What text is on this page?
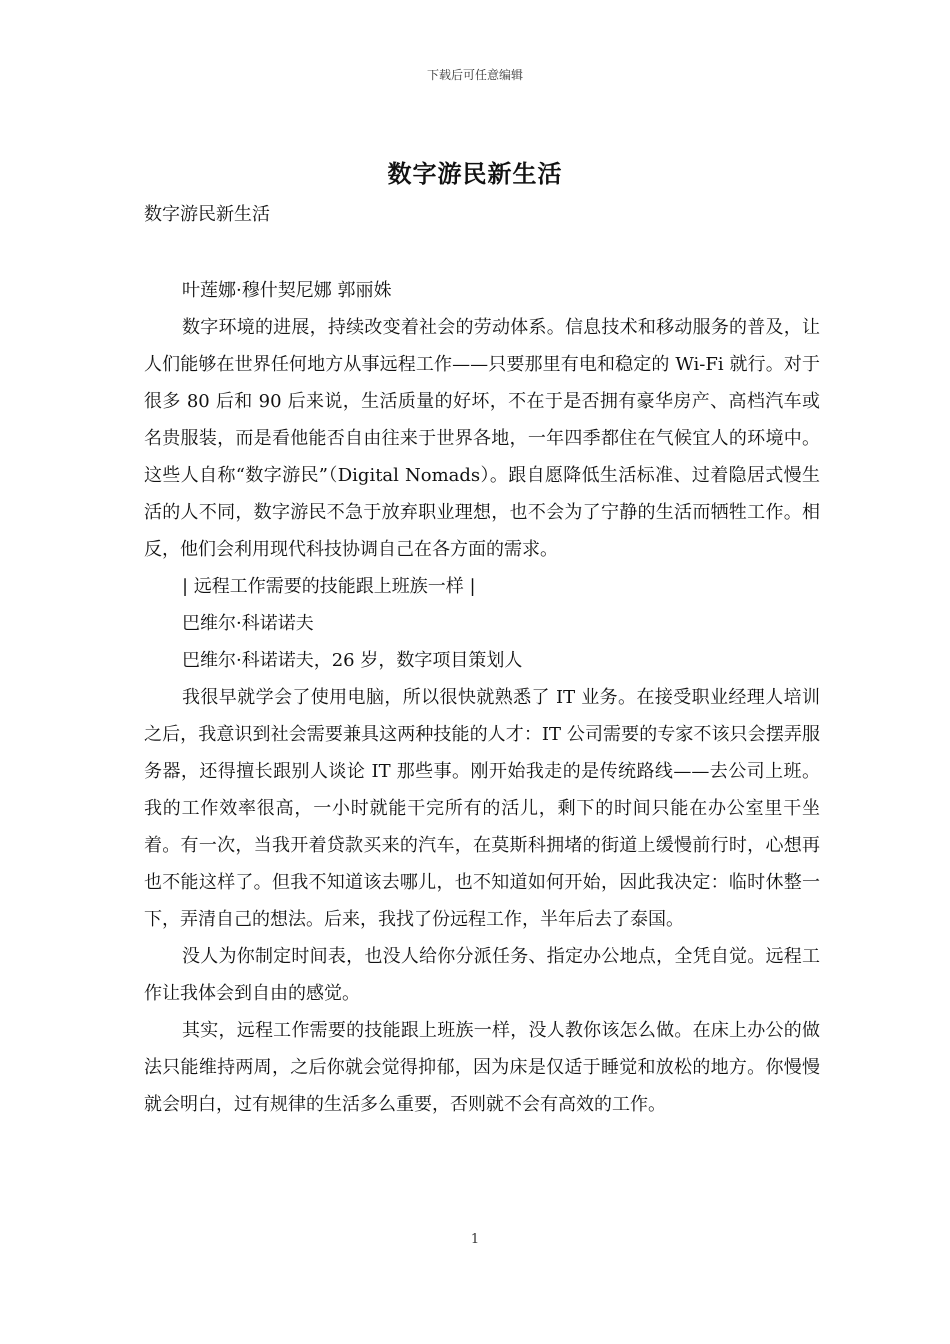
下载后可任意编辑
数字游民新生活

数字游民新生活

叶莲娜·穆什契尼娜 郭丽姝

数字环境的进展，持续改变着社会的劳动体系。信息技术和移动服务的普及，让人们能够在世界任何地方从事远程工作——只要那里有电和稳定的 Wi-Fi 就行。对于很多 80 后和 90 后来说，生活质量的好坏，不在于是否拥有豪华房产、高档汽车或名贵服装，而是看他能否自由往来于世界各地，一年四季都住在气候宜人的环境中。这些人自称“数字游民”（Digital Nomads）。跟自愿降低生活标准、过着隐居式慢生活的人不同，数字游民不急于放弃职业理想，也不会为了宁静的生活而牺牲工作。相反，他们会利用现代科技协调自己在各方面的需求。

| 远程工作需要的技能跟上班族一样 |

巴维尔·科诺诺夫

巴维尔·科诺诺夫，26 岁，数字项目策划人

我很早就学会了使用电脑，所以很快就熟悉了 IT 业务。在接受职业经理人培训之后，我意识到社会需要兼具这两种技能的人才：IT 公司需要的专家不该只会摆弄服务器，还得擅长跟别人谈论 IT 那些事。刚开始我走的是传统路线——去公司上班。我的工作效率很高，一小时就能干完所有的活儿，剩下的时间只能在办公室里干坐着。有一次，当我开着贷款买来的汽车，在莫斯科拥堵的街道上缓慢前行时，心想再也不能这样了。但我不知道该去哪儿，也不知道如何开始，因此我决定：临时休整一下，弄清自己的想法。后来，我找了份远程工作，半年后去了泰国。

没人为你制定时间表，也没人给你分派任务、指定办公地点，全凭自觉。远程工作让我体会到自由的感觉。

其实，远程工作需要的技能跟上班族一样，没人教你该怎么做。在床上办公的做法只能维持两周，之后你就会觉得抑郁，因为床是仅适于睡觉和放松的地方。你慢慢就会明白，过有规律的生活多么重要，否则就不会有高效的工作。

1
